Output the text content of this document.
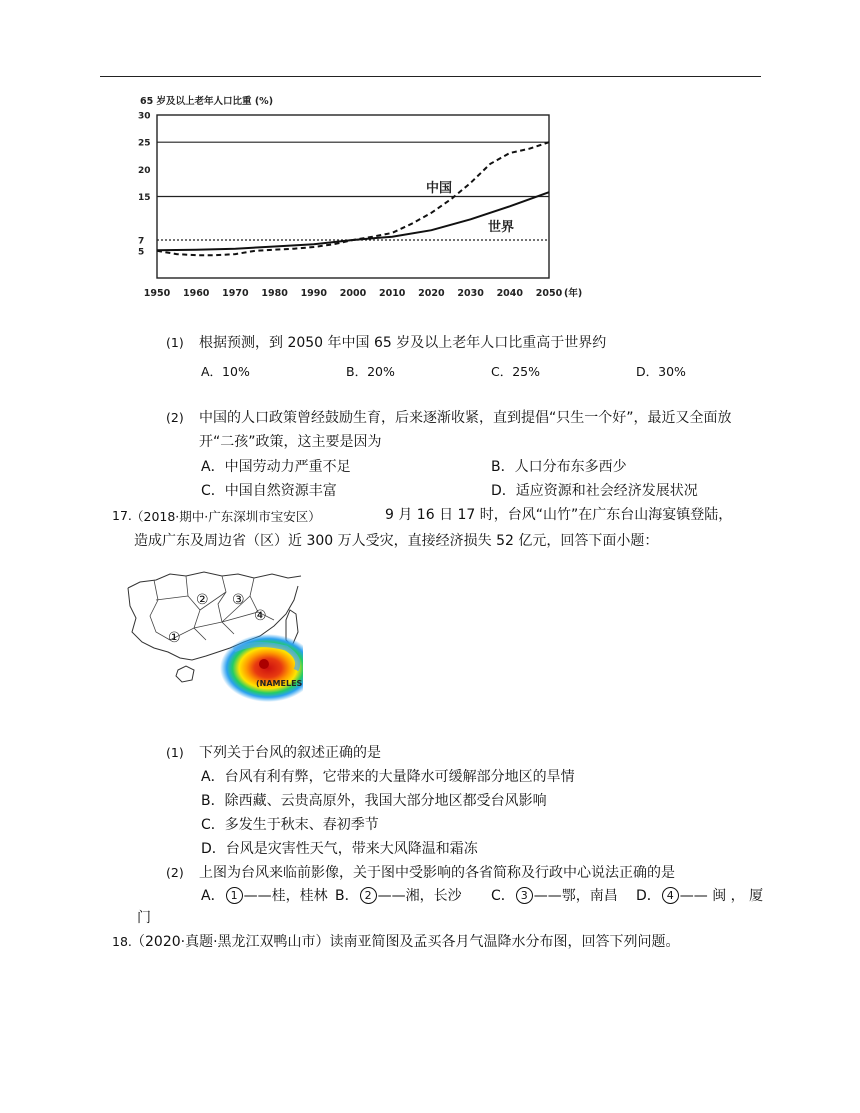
65 岁及以上老年人口比重 (%)
30
25
20
15
7
5
1950 1960 1970 1980 1990 2000 2010 2020 2030 2040 2050
中国
世界
(年)
(1) 根据预测，到 2050 年中国 65 岁及以上老年人口比重高于世界约
A．10%	B．20%	C．25%	D．30%
(2) 中国的人口政策曾经鼓励生育，后来逐渐收紧，直到提倡“只生一个好”，最近又全面放
开“二孩”政策，这主要是因为
A．中国劳动力严重不足	B．人口分布东多西少
C．中国自然资源丰富	D．适应资源和社会经济发展状况
17. （2018·期中·广东深圳市宝安区）	9 月 16 日 17 时，台风“山竹”在广东台山海宴镇登陆，
造成广东及周边省（区）近 300 万人受灾，直接经济损失 52 亿元，回答下面小题：
② ③
④
①
(NAMELES
(1) 下列关于台风的叙述正确的是
A．台风有利有弊，它带来的大量降水可缓解部分地区的旱情
B．除西藏、云贵高原外，我国大部分地区都受台风影响
C．多发生于秋末、春初季节
D．台风是灾害性天气，带来大风降温和霜冻
(2) 上图为台风来临前影像，关于图中受影响的各省简称及行政中心说法正确的是
A． 1 ——桂，桂林 B． 2 ——湘，长沙 C． 3 ——鄂，南昌 D． 4 —— 闽 ， 厦
门
18. （2020·真题·黑龙江双鸭山市）读南亚简图及孟买各月气温降水分布图，回答下列问题。
